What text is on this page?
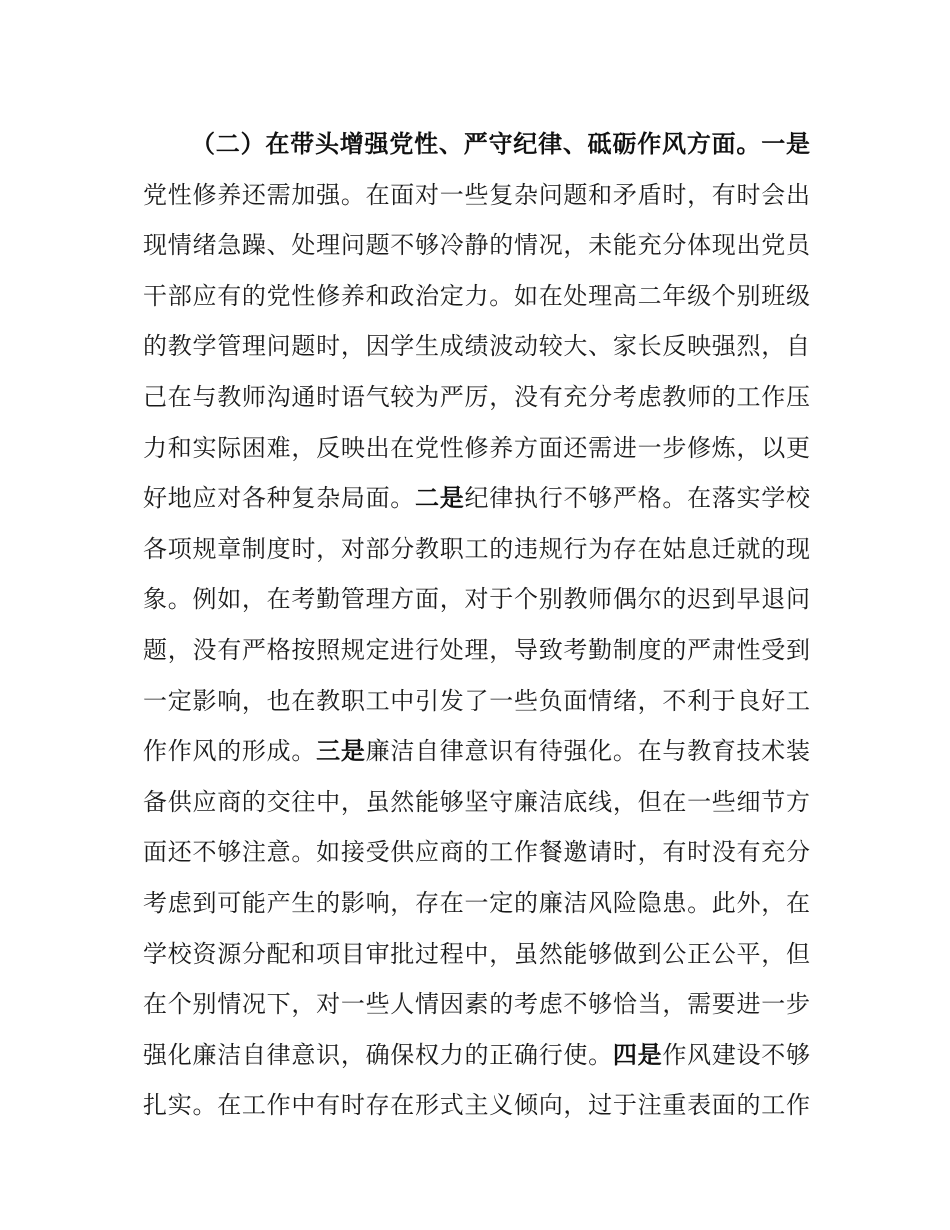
（二）在带头增强党性、严守纪律、砥砺作风方面。一是
党性修养还需加强。在面对一些复杂问题和矛盾时，有时会出
现情绪急躁、处理问题不够冷静的情况，未能充分体现出党员
干部应有的党性修养和政治定力。如在处理高二年级个别班级
的教学管理问题时，因学生成绩波动较大、家长反映强烈，自
己在与教师沟通时语气较为严厉，没有充分考虑教师的工作压
力和实际困难，反映出在党性修养方面还需进一步修炼，以更
好地应对各种复杂局面。二是纪律执行不够严格。在落实学校
各项规章制度时，对部分教职工的违规行为存在姑息迁就的现
象。例如，在考勤管理方面，对于个别教师偶尔的迟到早退问
题，没有严格按照规定进行处理，导致考勤制度的严肃性受到
一定影响，也在教职工中引发了一些负面情绪，不利于良好工
作作风的形成。三是廉洁自律意识有待强化。在与教育技术装
备供应商的交往中，虽然能够坚守廉洁底线，但在一些细节方
面还不够注意。如接受供应商的工作餐邀请时，有时没有充分
考虑到可能产生的影响，存在一定的廉洁风险隐患。此外，在
学校资源分配和项目审批过程中，虽然能够做到公正公平，但
在个别情况下，对一些人情因素的考虑不够恰当，需要进一步
强化廉洁自律意识，确保权力的正确行使。四是作风建设不够
扎实。在工作中有时存在形式主义倾向，过于注重表面的工作
